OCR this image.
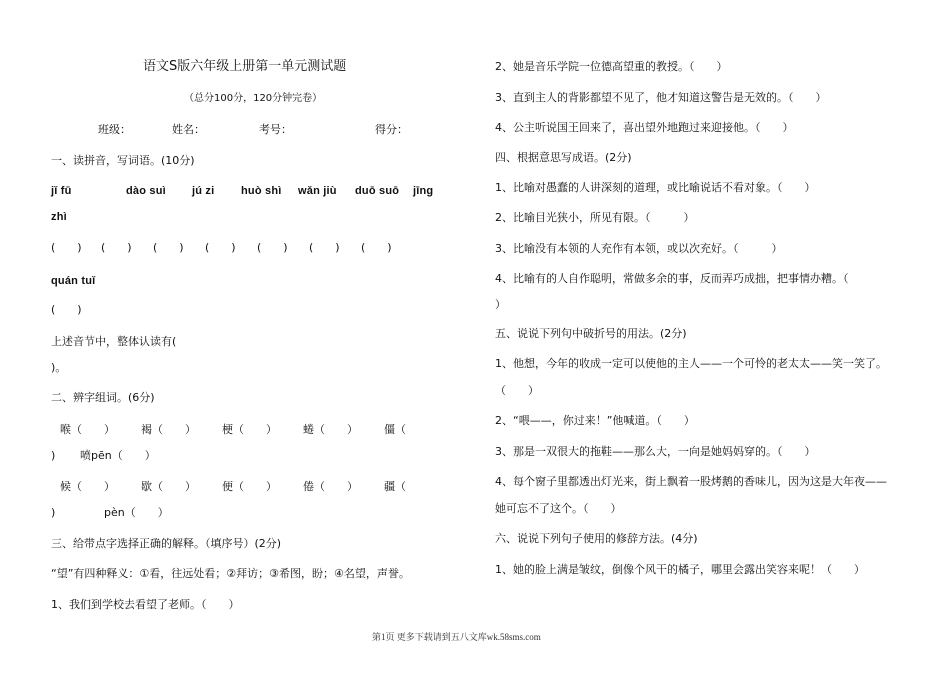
语文S版六年级上册第一单元测试题
（总分100分，120分钟完卷）
班级：	姓名：	考号：	得分：
一、读拼音，写词语。(10分)
jǐ fū	dào suì jú zi huò shì wǎn jiù duō suō jīng
zhì
(　　) (　　) (　　) (　　) (　　) (　　) (　　)
quán tuǐ
(　　)
上述音节中，整体认读有(
)。
二、辨字组词。(6分)
喉（　　） 褐（　　） 梗（　　） 蜷（　　） 僵（
) 喷pēn（　　）
候（　　） 歇（　　） 便（　　） 倦（　　） 疆（
)	pèn（　　）
三、给带点字选择正确的解释。（填序号）(2分)
“望”有四种释义：①看，往远处看；②拜访；③希图，盼；④名望，声誉。
1、我们到学校去看望了老师。（　　）
2、她是音乐学院一位德高望重的教授。（　　）
3、直到主人的背影都望不见了，他才知道这警告是无效的。（　　）
4、公主听说国王回来了，喜出望外地跑过来迎接他。（　　）
四、根据意思写成语。(2分)
1、比喻对愚蠢的人讲深刻的道理，或比喻说话不看对象。（　　）
2、比喻目光狭小，所见有限。（　　　）
3、比喻没有本领的人充作有本领，或以次充好。（　　　）
4、比喻有的人自作聪明，常做多余的事，反而弄巧成拙，把事情办糟。（
）
五、说说下列句中破折号的用法。(2分)
1、他想，今年的收成一定可以使他的主人——一个可怜的老太太——笑一笑了。
（　　）
2、“喂——，你过来！”他喊道。（　　）
3、那是一双很大的拖鞋——那么大，一向是她妈妈穿的。（　　）
4、每个窗子里都透出灯光来，街上飘着一股烤鹅的香味儿，因为这是大年夜——
她可忘不了这个。（　　）
六、说说下列句子使用的修辞方法。(4分)
1、她的脸上满是皱纹，倒像个风干的橘子，哪里会露出笑容来呢！（　　）
第1页 更多下载请到五八文库wk.58sms.com
